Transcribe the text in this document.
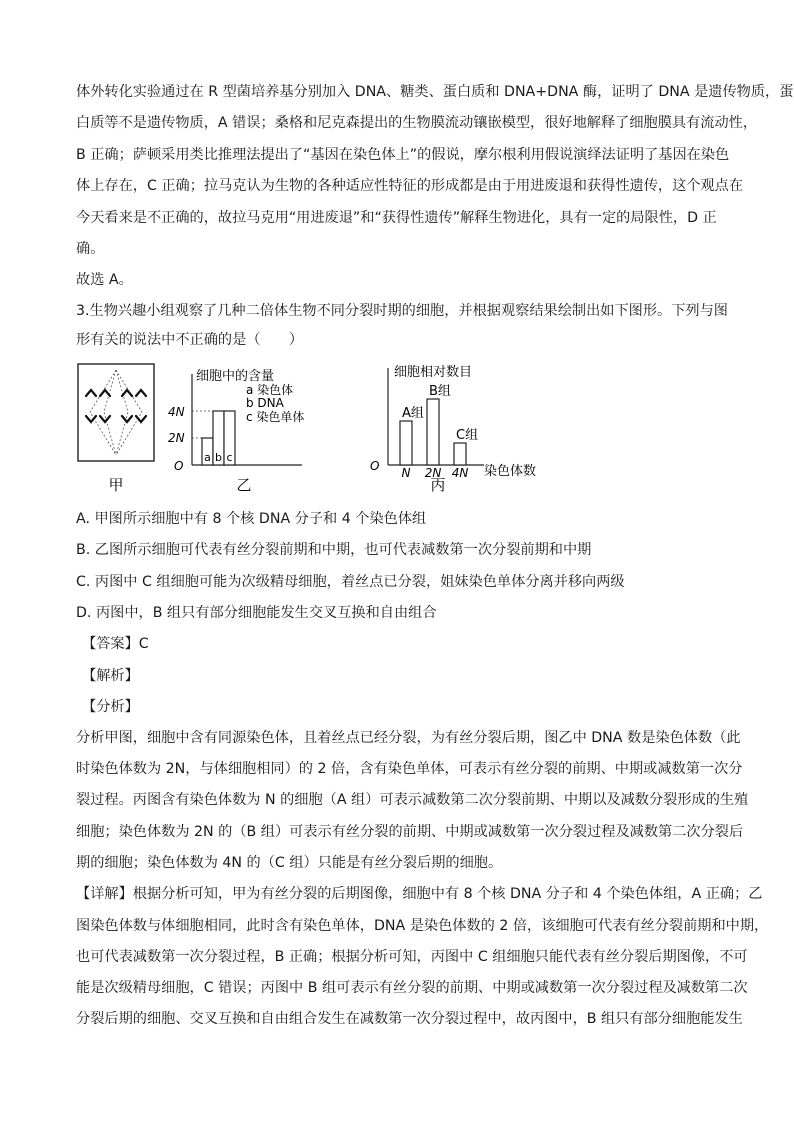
体外转化实验通过在 R 型菌培养基分别加入 DNA、糖类、蛋白质和 DNA+DNA 酶，证明了 DNA 是遗传物质，蛋

白质等不是遗传物质，A 错误；桑格和尼克森提出的生物膜流动镶嵌模型，很好地解释了细胞膜具有流动性，

B 正确；萨顿采用类比推理法提出了“基因在染色体上”的假说，摩尔根利用假说演绎法证明了基因在染色

体上存在，C 正确；拉马克认为生物的各种适应性特征的形成都是由于用进废退和获得性遗传，这个观点在

今天看来是不正确的，故拉马克用“用进废退”和“获得性遗传”解释生物进化，具有一定的局限性，D 正

确。

故选 A。

3.生物兴趣小组观察了几种二倍体生物不同分裂时期的细胞，并根据观察结果绘制出如下图形。下列与图

形有关的说法中不正确的是（　　）

甲
细胞中的含量
4N
2N
O
a b c
a 染色体
b DNA
c 染色单体
乙
细胞相对数目
O
A组
N
B组
2N
C组
4N 染色体数
丙
A. 甲图所示细胞中有 8 个核 DNA 分子和 4 个染色体组
B. 乙图所示细胞可代表有丝分裂前期和中期，也可代表减数第一次分裂前期和中期
C. 丙图中 C 组细胞可能为次级精母细胞，着丝点已分裂，姐妹染色单体分离并移向两级
D. 丙图中，B 组只有部分细胞能发生交叉互换和自由组合
【答案】C
【解析】
【分析】

分析甲图，细胞中含有同源染色体，且着丝点已经分裂，为有丝分裂后期，图乙中 DNA 数是染色体数（此

时染色体数为 2N，与体细胞相同）的 2 倍，含有染色单体，可表示有丝分裂的前期、中期或减数第一次分

裂过程。丙图含有染色体数为 N 的细胞（A 组）可表示减数第二次分裂前期、中期以及减数分裂形成的生殖

细胞；染色体数为 2N 的（B 组）可表示有丝分裂的前期、中期或减数第一次分裂过程及减数第二次分裂后

期的细胞；染色体数为 4N 的（C 组）只能是有丝分裂后期的细胞。

【详解】根据分析可知，甲为有丝分裂的后期图像，细胞中有 8 个核 DNA 分子和 4 个染色体组，A 正确；乙

图染色体数与体细胞相同，此时含有染色单体，DNA 是染色体数的 2 倍，该细胞可代表有丝分裂前期和中期，

也可代表减数第一次分裂过程，B 正确；根据分析可知，丙图中 C 组细胞只能代表有丝分裂后期图像，不可

能是次级精母细胞，C 错误；丙图中 B 组可表示有丝分裂的前期、中期或减数第一次分裂过程及减数第二次

分裂后期的细胞、交叉互换和自由组合发生在减数第一次分裂过程中，故丙图中，B 组只有部分细胞能发生
